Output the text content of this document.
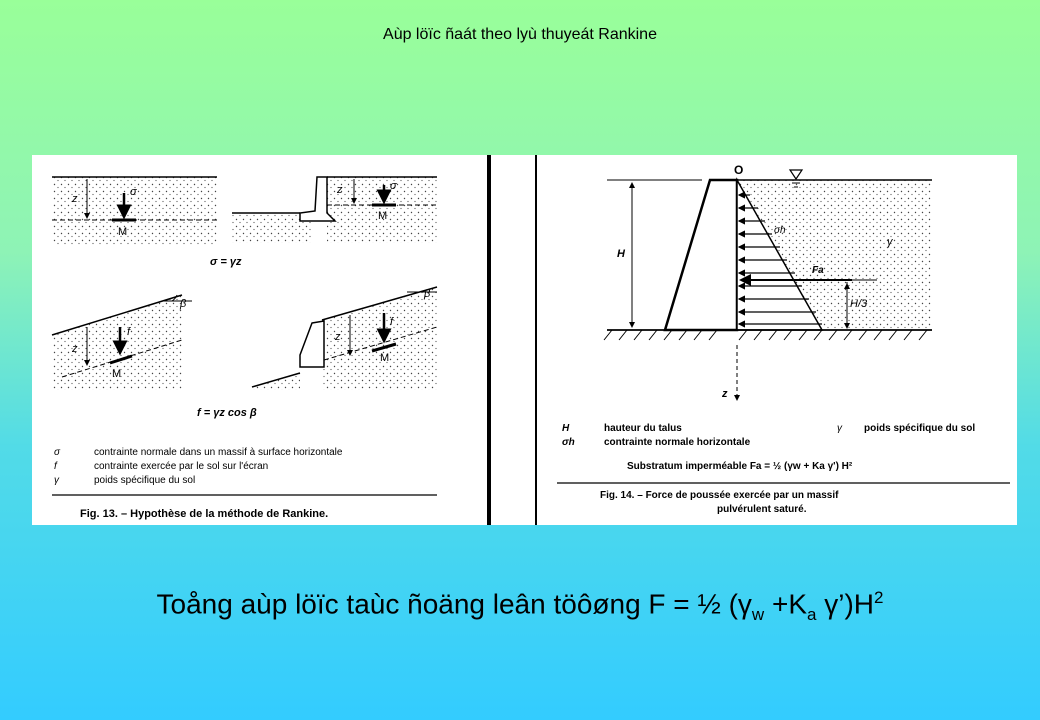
Aùp löïc ñaát theo lyù thuyeát Rankine
z
σ
M
z	σ
M
σ = γz
z
f
M
β
z
f
M
β
f = γz cos β
σ	contrainte normale dans un massif à surface horizontale
f	contrainte exercée par le sol sur l'écran
γ	poids spécifique du sol
Fig. 13. – Hypothèse de la méthode de Rankine.
O
H
σh
γ
Fa
H/3
z
H	hauteur du talus	γ poids spécifique du sol
σh	contrainte normale horizontale
Substratum imperméable Fa = ½ (γw + Ka γ') H²
Fig. 14. – Force de poussée exercée par un massif
pulvérulent saturé.
Toång aùp löïc taùc ñoäng leân töôøng F = ½ ($\gamma_w +K_a$ $\gamma’)H^2$
